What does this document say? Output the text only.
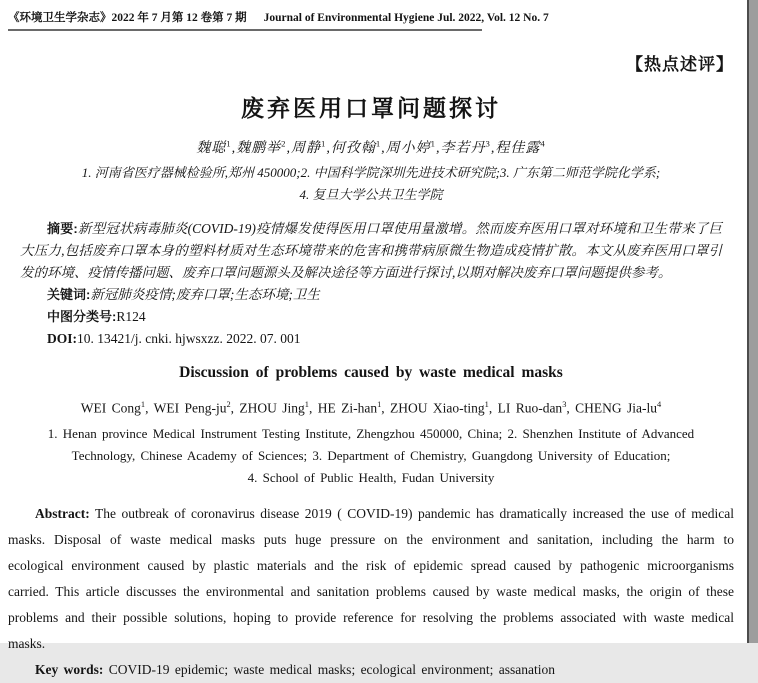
《环境卫生学杂志》2022 年 7 月第 12 卷第 7 期 Journal of Environmental Hygiene Jul. 2022, Vol. 12 No. 7
【热点述评】
废弃医用口罩问题探讨
魏聪$^1$,魏鹏举$^2$,周静$^1$,何孜翰$^1$,周小婷$^1$,李若丹$^3$,程佳露$^4$
1. 河南省医疗器械检验所,郑州 450000;2. 中国科学院深圳先进技术研究院;3. 广东第二师范学院化学系;
4. 复旦大学公共卫生学院

摘要:新型冠状病毒肺炎(COVID-19)疫情爆发使得医用口罩使用量激增。然而废弃医用口罩对环境和卫生带来了巨大压力,包括废弃口罩本身的塑料材质对生态环境带来的危害和携带病原微生物造成疫情扩散。本文从废弃医用口罩引发的环境、疫情传播问题、废弃口罩问题源头及解决途径等方面进行探讨,以期对解决废弃口罩问题提供参考。

关键词:新冠肺炎疫情;废弃口罩;生态环境;卫生

中图分类号:R124

DOI:10. 13421/j. cnki. hjwsxzz. 2022. 07. 001

Discussion of problems caused by waste medical masks
WEI Cong$^1$, WEI Peng-$ju^2$, ZHOU Jing$^1$, HE Zi-han$^1$, ZHOU Xiao-ting$^1$, LI Ruo-dan$^3$, CHENG Jia-$lu^4$
1. Henan province Medical Instrument Testing Institute, Zhengzhou 450000, China; 2. Shenzhen Institute of Advanced
Technology, Chinese Academy of Sciences; 3. Department of Chemistry, Guangdong University of Education;
4. School of Public Health, Fudan University

Abstract: The outbreak of coronavirus disease 2019 ( COVID-19) pandemic has dramatically increased the use of medical masks. Disposal of waste medical masks puts huge pressure on the environment and sanitation, including the harm to ecological environment caused by plastic materials and the risk of epidemic spread caused by pathogenic microorganisms carried. This article discusses the environmental and sanitation problems caused by waste medical masks, the origin of these problems and their possible solutions, hoping to provide reference for resolving the problems associated with waste medical masks.

Key words: COVID-19 epidemic; waste medical masks; ecological environment; assanation
